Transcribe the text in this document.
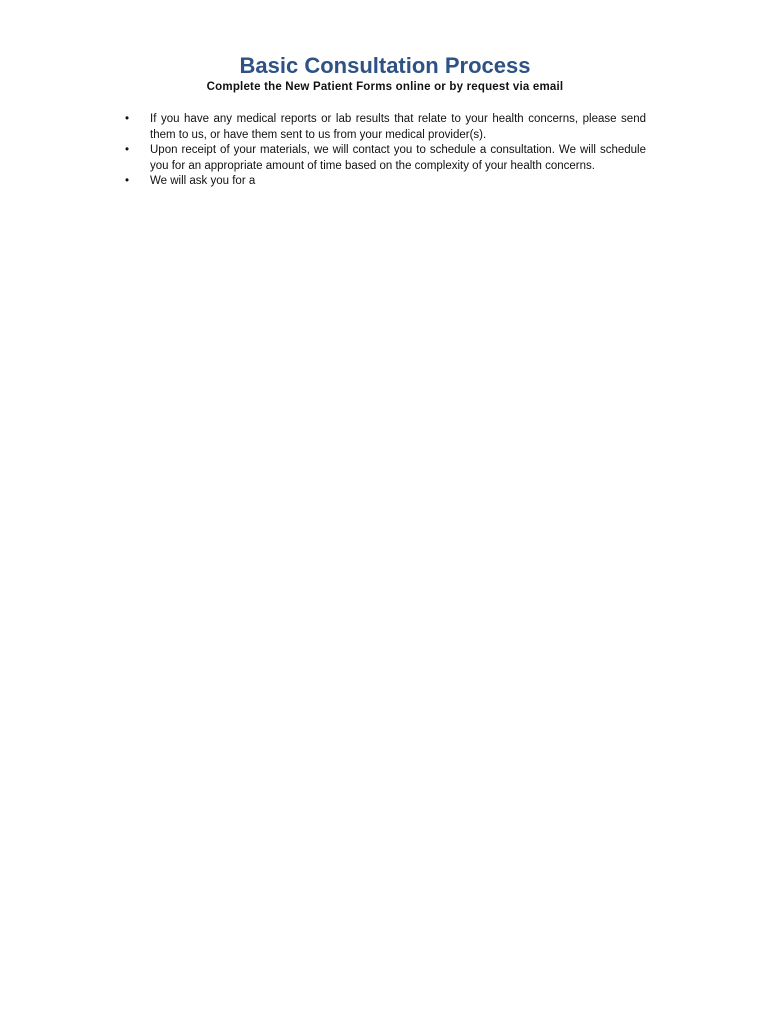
Basic Consultation Process
Complete the New Patient Forms online or by request via email
• If you have any medical reports or lab results that relate to your health concerns, please send them to us, or have them sent to us from your medical provider(s).
• Upon receipt of your materials, we will contact you to schedule a consultation. We will schedule you for an appropriate amount of time based on the complexity of your health concerns.
• We will ask you for a
